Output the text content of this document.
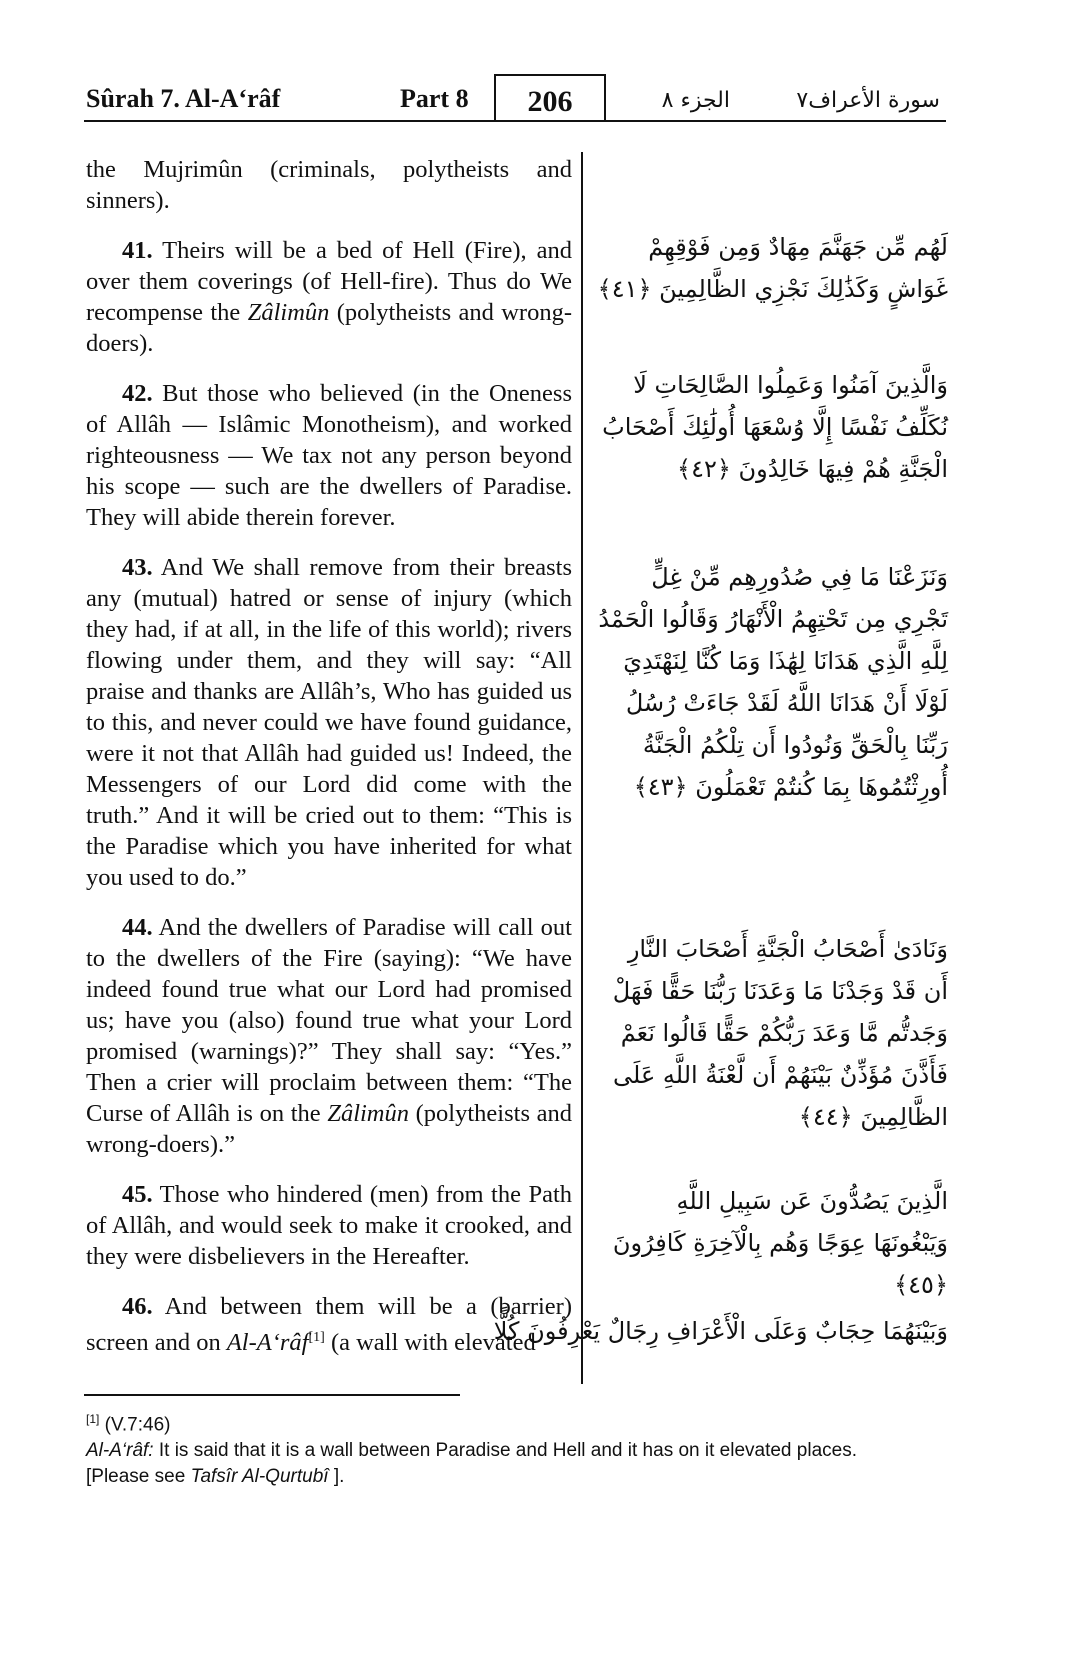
Sûrah 7. Al-A‘râf	Part 8	206	الجزء ٨	سورة الأعراف٧

the Mujrimûn (criminals, polytheists and sinners).

41. Theirs will be a bed of Hell (Fire), and over them coverings (of Hell-fire). Thus do We recompense the Zâlimûn (polytheists and wrong-doers).

42. But those who believed (in the Oneness of Allâh — Islâmic Monotheism), and worked righteousness — We tax not any person beyond his scope — such are the dwellers of Paradise. They will abide therein forever.

43. And We shall remove from their breasts any (mutual) hatred or sense of injury (which they had, if at all, in the life of this world); rivers flowing under them, and they will say: “All praise and thanks are Allâh’s, Who has guided us to this, and never could we have found guidance, were it not that Allâh had guided us! Indeed, the Messengers of our Lord did come with the truth.” And it will be cried out to them: “This is the Paradise which you have inherited for what you used to do.”

44. And the dwellers of Paradise will call out to the dwellers of the Fire (saying): “We have indeed found true what our Lord had promised us; have you (also) found true what your Lord promised (warnings)?” They shall say: “Yes.” Then a crier will proclaim between them: “The Curse of Allâh is on the Zâlimûn (polytheists and wrong-doers).”

45. Those who hindered (men) from the Path of Allâh, and would seek to make it crooked, and they were disbelievers in the Hereafter.

46. And between them will be a (barrier) screen and on Al-A‘râf[1] (a wall with elevated

لَهُم مِّن جَهَنَّمَ مِهَادٌ وَمِن فَوْقِهِمْ غَوَاشٍ وَكَذَٰلِكَ نَجْزِي الظَّالِمِينَ ﴿٤١﴾

وَالَّذِينَ آمَنُوا وَعَمِلُوا الصَّالِحَاتِ لَا نُكَلِّفُ نَفْسًا إِلَّا وُسْعَهَا أُولَٰئِكَ أَصْحَابُ الْجَنَّةِ هُمْ فِيهَا خَالِدُونَ ﴿٤٢﴾

وَنَزَعْنَا مَا فِي صُدُورِهِم مِّنْ غِلٍّ تَجْرِي مِن تَحْتِهِمُ الْأَنْهَارُ وَقَالُوا الْحَمْدُ لِلَّهِ الَّذِي هَدَانَا لِهَٰذَا وَمَا كُنَّا لِنَهْتَدِيَ لَوْلَا أَنْ هَدَانَا اللَّهُ لَقَدْ جَاءَتْ رُسُلُ رَبِّنَا بِالْحَقِّ وَنُودُوا أَن تِلْكُمُ الْجَنَّةُ أُورِثْتُمُوهَا بِمَا كُنتُمْ تَعْمَلُونَ ﴿٤٣﴾

وَنَادَىٰ أَصْحَابُ الْجَنَّةِ أَصْحَابَ النَّارِ أَن قَدْ وَجَدْنَا مَا وَعَدَنَا رَبُّنَا حَقًّا فَهَلْ وَجَدتُّم مَّا وَعَدَ رَبُّكُمْ حَقًّا قَالُوا نَعَمْ فَأَذَّنَ مُؤَذِّنٌ بَيْنَهُمْ أَن لَّعْنَةُ اللَّهِ عَلَى الظَّالِمِينَ ﴿٤٤﴾

الَّذِينَ يَصُدُّونَ عَن سَبِيلِ اللَّهِ وَيَبْغُونَهَا عِوَجًا وَهُم بِالْآخِرَةِ كَافِرُونَ ﴿٤٥﴾

وَبَيْنَهُمَا حِجَابٌ وَعَلَى الْأَعْرَافِ رِجَالٌ يَعْرِفُونَ كُلًّا

[1] (V.7:46)
Al-A‘râf: It is said that it is a wall between Paradise and Hell and it has on it elevated places.
[Please see Tafsîr Al-Qurtubî ].
